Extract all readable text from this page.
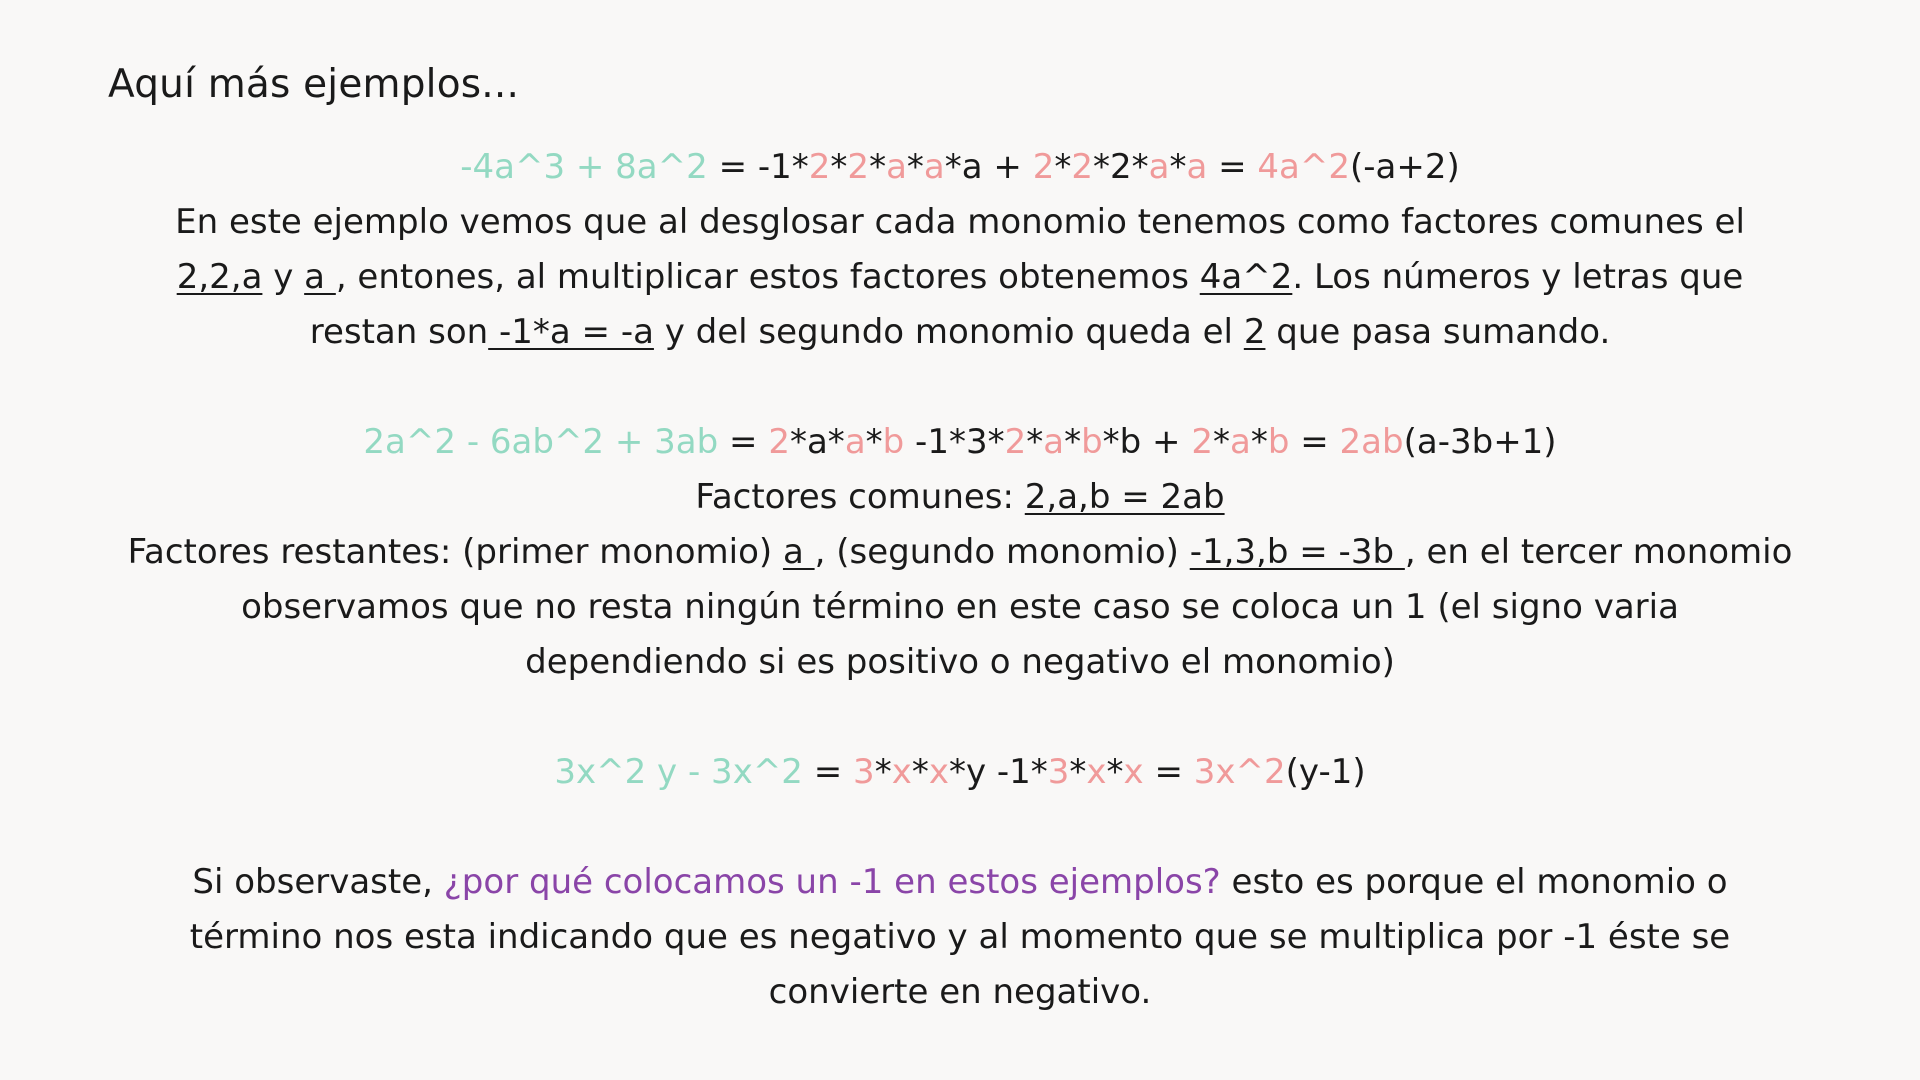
Aquí más ejemplos...
-4a^3 + 8a^2 = -1*2*2*a*a*a + 2*2*2*a*a = 4a^2(-a+2)
En este ejemplo vemos que al desglosar cada monomio tenemos como factores comunes el
2,2,a y a , entones, al multiplicar estos factores obtenemos 4a^2. Los números y letras que
restan son -1*a = -a y del segundo monomio queda el 2 que pasa sumando.
2a^2 - 6ab^2 + 3ab = 2*a*a*b -1*3*2*a*b*b + 2*a*b = 2ab(a-3b+1)
Factores comunes: 2,a,b = 2ab
Factores restantes: (primer monomio) a , (segundo monomio) -1,3,b = -3b , en el tercer monomio
observamos que no resta ningún término en este caso se coloca un 1 (el signo varia
dependiendo si es positivo o negativo el monomio)
3x^2 y - 3x^2 = 3*x*x*y -1*3*x*x = 3x^2(y-1)
Si observaste, ¿por qué colocamos un -1 en estos ejemplos? esto es porque el monomio o
término nos esta indicando que es negativo y al momento que se multiplica por -1 éste se
convierte en negativo.
